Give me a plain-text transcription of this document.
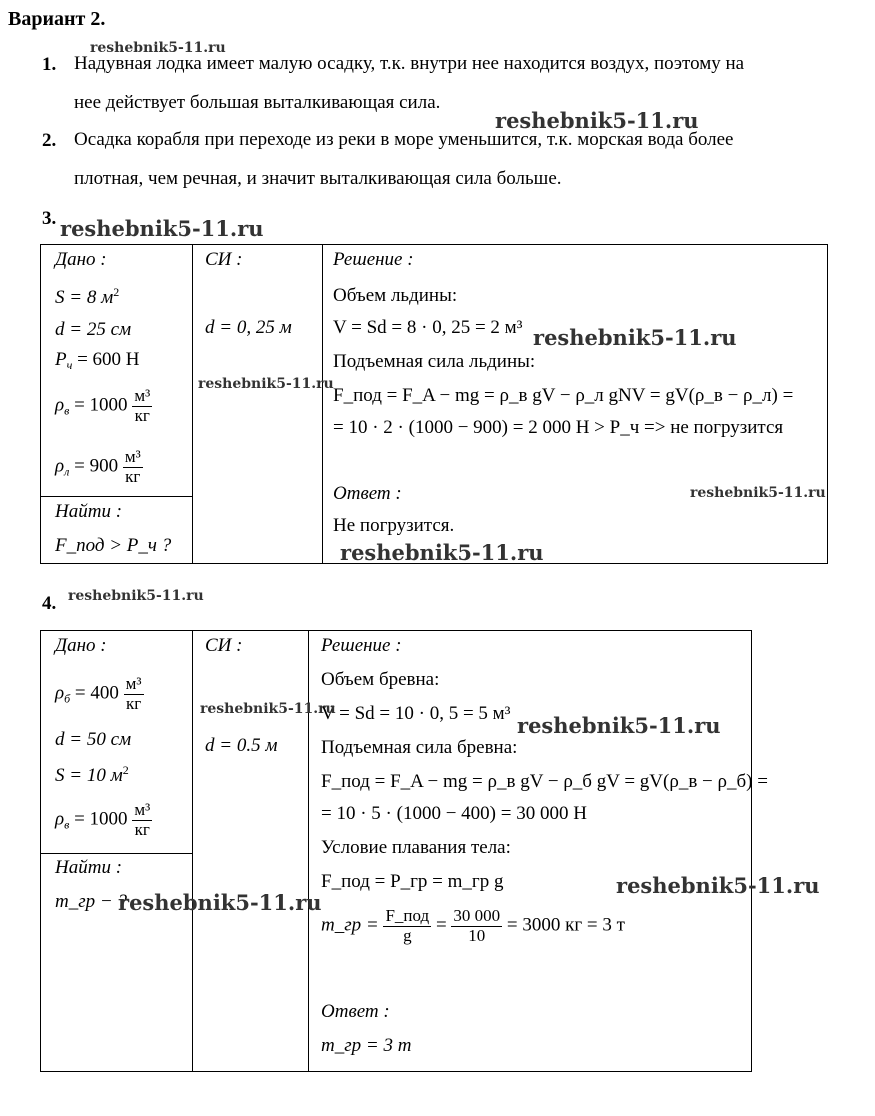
Вариант 2.
1. Надувная лодка имеет малую осадку, т.к. внутри нее находится воздух, поэтому на
нее действует большая выталкивающая сила.
2. Осадка корабля при переходе из реки в море уменьшится, т.к. морская вода более
плотная, чем речная, и значит выталкивающая сила больше.
3.
Дано :
S = 8 $м^2$
d = 25 см
$P_ч = 600$ Н
$\rho_в = 1000 \frac{\text{м³}}{кг}$
$\rho_л = 900 \frac{\text{м³}}{кг}$
Найти :
F_под > P_ч ?
СИ :
d = 0, 25 м
Решение :
Объем льдины:
V = Sd = 8 · 0, 25 = 2 м³
Подъемная сила льдины:
F_под = F_A − mg = ρ_в gV − ρ_л gNV = gV(ρ_в − ρ_л) =
= 10 · 2 · (1000 − 900) = 2 000 Н > P_ч => не погрузится
Ответ :
Не погрузится.
4.
Дано :
$\rho_б = 400 \frac{\text{м³}}{кг}$
d = 50 см
S = 10 $м^2$
$\rho_в = 1000 \frac{\text{м³}}{кг}$
Найти :
m_гр − ?
СИ :
d = 0.5 м
Решение :
Объем бревна:
V = Sd = 10 · 0, 5 = 5 м³
Подъемная сила бревна:
F_под = F_A − mg = ρ_в gV − ρ_б gV = gV(ρ_в − ρ_б) =
= 10 · 5 · (1000 − 400) = 30 000 Н
Условие плавания тела:
F_под = P_гр = m_гр g
m_гр = $\frac{\text{F\_под}}{g} = \frac{30 000}{10} = 3000$ кг = 3 т
Ответ :
m_гр = 3 т
reshebnik5-11.ru
reshebnik5-11.ru
reshebnik5-11.ru
reshebnik5-11.ru
reshebnik5-11.ru
reshebnik5-11.ru
reshebnik5-11.ru
reshebnik5-11.ru
reshebnik5-11.ru
reshebnik5-11.ru
reshebnik5-11.ru
reshebnik5-11.ru
